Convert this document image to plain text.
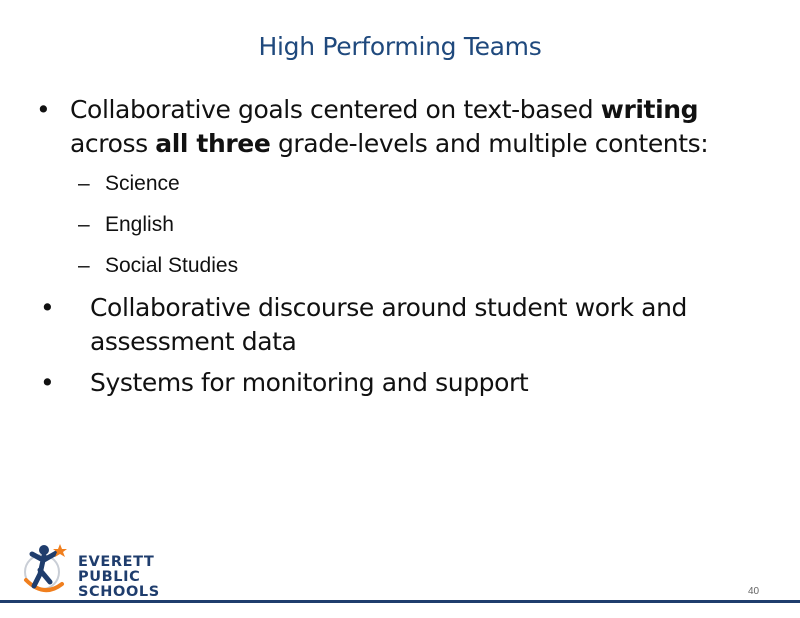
High Performing Teams
• Collaborative goals centered on text-based writing across all three grade-levels and multiple contents:
– Science
– English
– Social Studies
•	Collaborative discourse around student work and assessment data
•	Systems for monitoring and support
EVERETT
PUBLIC
SCHOOLS	40
